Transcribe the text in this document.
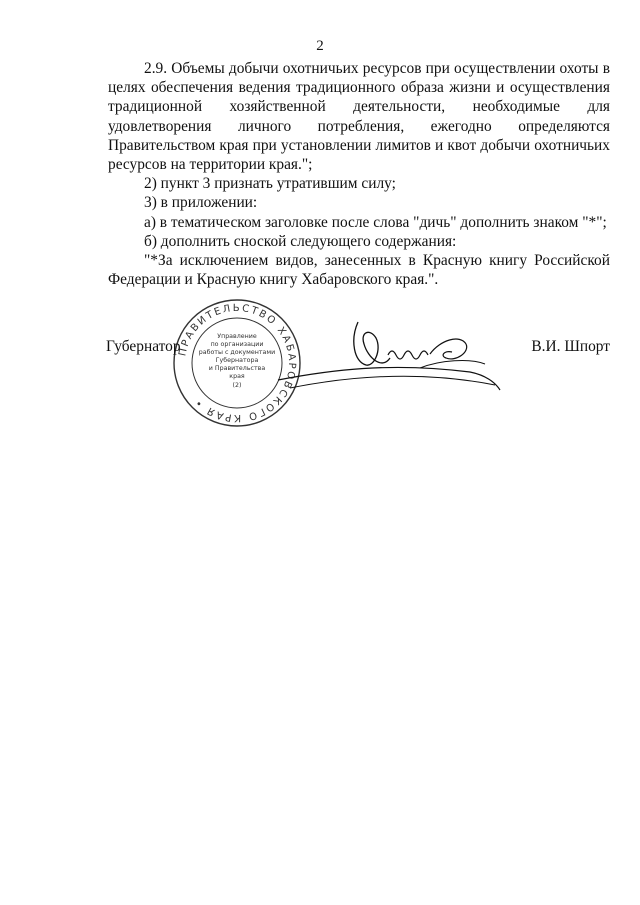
2

2.9. Объемы добычи охотничьих ресурсов при осуществлении охоты в целях обеспечения ведения традиционного образа жизни и осуществления традиционной хозяйственной деятельности, необходимые для удовлетворения личного потребления, ежегодно определяются Правительством края при установлении лимитов и квот добычи охотничьих ресурсов на территории края.";

2) пункт 3 признать утратившим силу;

3) в приложении:

а) в тематическом заголовке после слова "дичь" дополнить знаком "*";

б) дополнить сноской следующего содержания:

"*За исключением видов, занесенных в Красную книгу Российской Федерации и Красную книгу Хабаровского края.".

ПРАВИТЕЛЬСТВО ХАБАРОВСКОГО КРАЯ •
Управление
по организации
работы с документами
Губернатора
и Правительства
края
(2)
Губернатор	В.И. Шпорт
